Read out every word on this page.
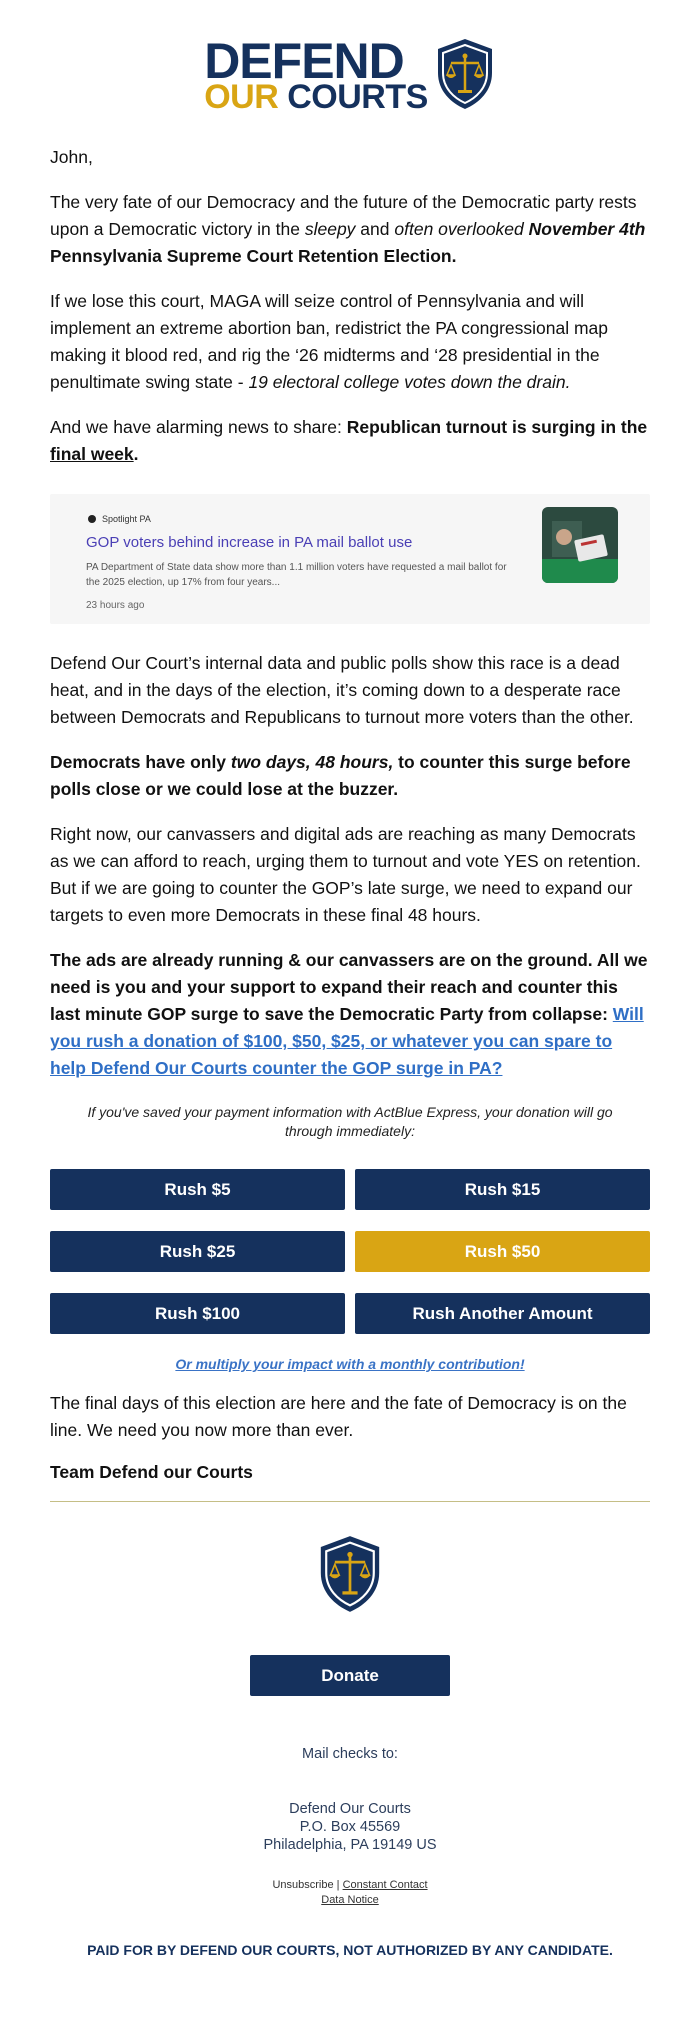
DEFEND
OUR COURTS

John,

The very fate of our Democracy and the future of the Democratic party rests upon a Democratic victory in the sleepy and often overlooked November 4th Pennsylvania Supreme Court Retention Election.

If we lose this court, MAGA will seize control of Pennsylvania and will implement an extreme abortion ban, redistrict the PA congressional map making it blood red, and rig the ‘26 midterms and ‘28 presidential in the penultimate swing state - 19 electoral college votes down the drain.

And we have alarming news to share: Republican turnout is surging in the final week.

Spotlight PA
GOP voters behind increase in PA mail ballot use
PA Department of State data show more than 1.1 million voters have requested a mail ballot for the 2025 election, up 17% from four years...
23 hours ago

Defend Our Court’s internal data and public polls show this race is a dead heat, and in the days of the election, it’s coming down to a desperate race between Democrats and Republicans to turnout more voters than the other.

Democrats have only two days, 48 hours, to counter this surge before polls close or we could lose at the buzzer.

Right now, our canvassers and digital ads are reaching as many Democrats as we can afford to reach, urging them to turnout and vote YES on retention. But if we are going to counter the GOP’s late surge, we need to expand our targets to even more Democrats in these final 48 hours.

The ads are already running & our canvassers are on the ground. All we need is you and your support to expand their reach and counter this last minute GOP surge to save the Democratic Party from collapse: Will you rush a donation of $100, $50, $25, or whatever you can spare to help Defend Our Courts counter the GOP surge in PA?

If you've saved your payment information with ActBlue Express, your donation will go through immediately:
Rush $5	Rush $15
Rush $25	Rush $50
Rush $100	Rush Another Amount
Or multiply your impact with a monthly contribution!

The final days of this election are here and the fate of Democracy is on the line. We need you now more than ever.

Team Defend our Courts
Donate
Mail checks to:
Defend Our Courts
P.O. Box 45569
Philadelphia, PA 19149 US
Unsubscribe | Constant Contact
Data Notice
PAID FOR BY DEFEND OUR COURTS, NOT AUTHORIZED BY ANY CANDIDATE.
